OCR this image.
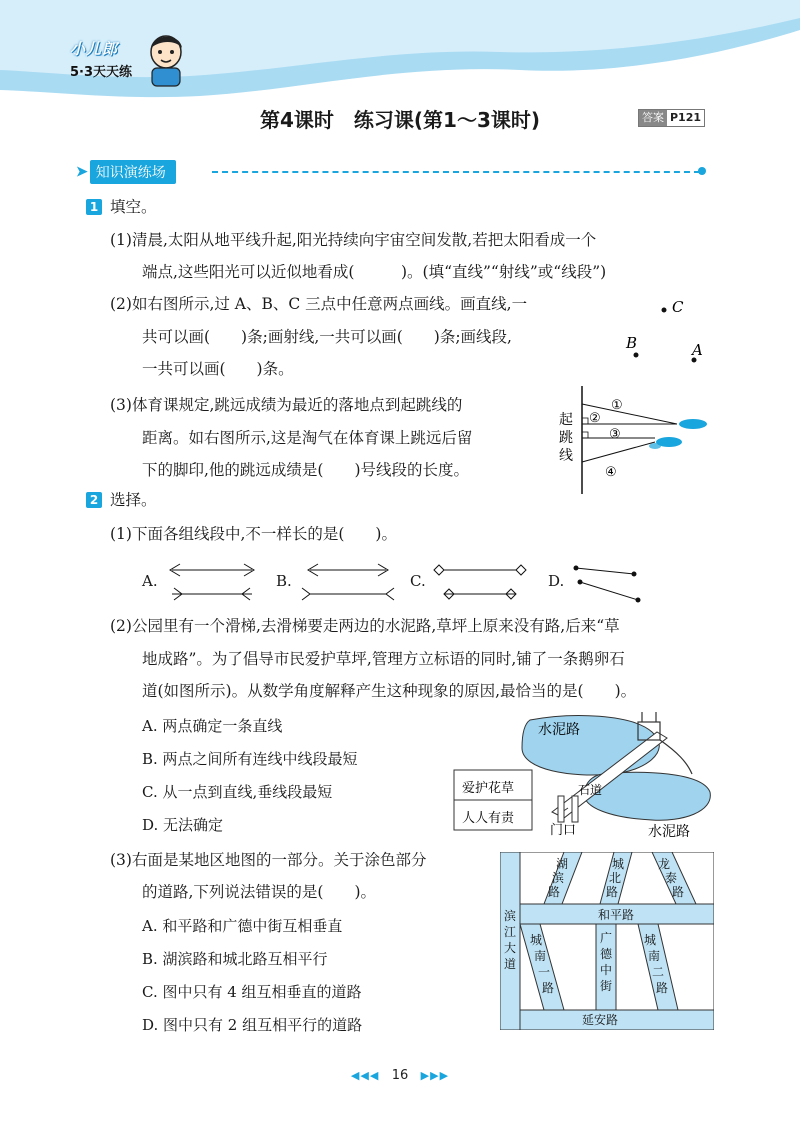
小儿郎
5·3天天练
第4课时　练习课(第1～3课时)	答案 P121
➤ 知识演练场
1 填空。
(1)清晨,太阳从地平线升起,阳光持续向宇宙空间发散,若把太阳看成一个
端点,这些阳光可以近似地看成(　　　)。(填“直线”“射线”或“线段”)
(2)如右图所示,过 A、B、C 三点中任意两点画线。画直线,一
共可以画(　　)条;画射线,一共可以画(　　)条;画线段,
一共可以画(　　)条。
C
B	A
(3)体育课规定,跳远成绩为最近的落地点到起跳线的
距离。如右图所示,这是淘气在体育课上跳远后留
下的脚印,他的跳远成绩是(　　)号线段的长度。
起
跳
线
①
②
③
④
2 选择。
(1)下面各组线段中,不一样长的是(　　)。
A.	B.	C.	D.
(2)公园里有一个滑梯,去滑梯要走两边的水泥路,草坪上原来没有路,后来“草
地成路”。为了倡导市民爱护草坪,管理方立标语的同时,铺了一条鹅卵石
道(如图所示)。从数学角度解释产生这种现象的原因,最恰当的是(　　)。
A. 两点确定一条直线
B. 两点之间所有连线中线段最短
C. 从一点到直线,垂线段最短
D. 无法确定
水泥路
水泥路
石道
爱护花草
人人有责
门口
(3)右面是某地区地图的一部分。关于涂色部分
的道路,下列说法错误的是(　　)。
A. 和平路和广德中街互相垂直
B. 湖滨路和城北路互相平行
C. 图中只有 4 组互相垂直的道路
D. 图中只有 2 组互相平行的道路
湖
滨
路
城
北
路
龙
泰
路
和平路
滨
江
大
道
城
南
一
路
广
德
中
街
城
南
二
路
延安路
◀◀◀ 16 ▶▶▶
